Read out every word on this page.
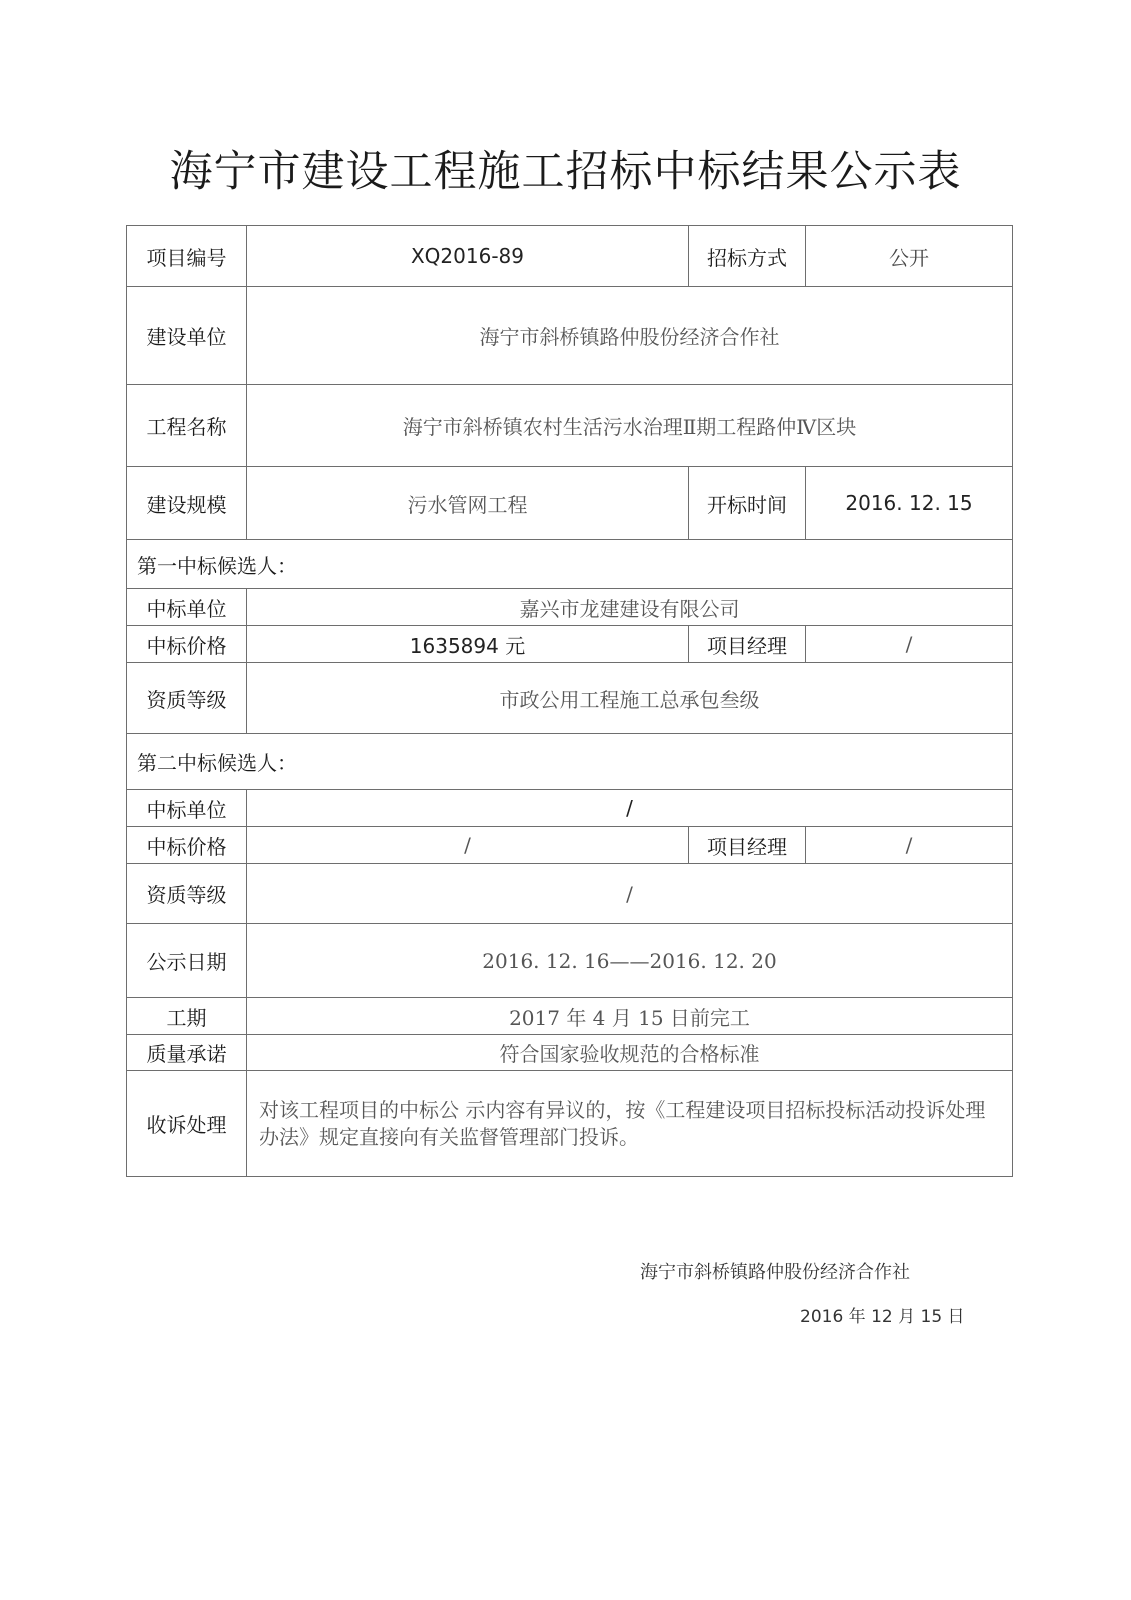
海宁市建设工程施工招标中标结果公示表
项目编号	XQ2016-89	招标方式	公开
建设单位	海宁市斜桥镇路仲股份经济合作社		
工程名称	海宁市斜桥镇农村生活污水治理Ⅱ期工程路仲Ⅳ区块		
建设规模	污水管网工程	开标时间	2016. 12. 15
第一中标候选人：			
中标单位	嘉兴市龙建建设有限公司		
中标价格	1635894 元	项目经理	/
资质等级	市政公用工程施工总承包叁级		
第二中标候选人：			
中标单位	/		
中标价格	/	项目经理	/
资质等级	/		
公示日期	2016. 12. 16——2016. 12. 20		
工期	2017 年 4 月 15 日前完工		
质量承诺	符合国家验收规范的合格标准		
收诉处理	对该工程项目的中标公 示内容有异议的，按《工程建设项目招标投标活动投诉处理办法》规定直接向有关监督管理部门投诉。		
海宁市斜桥镇路仲股份经济合作社
2016 年 12 月 15 日
